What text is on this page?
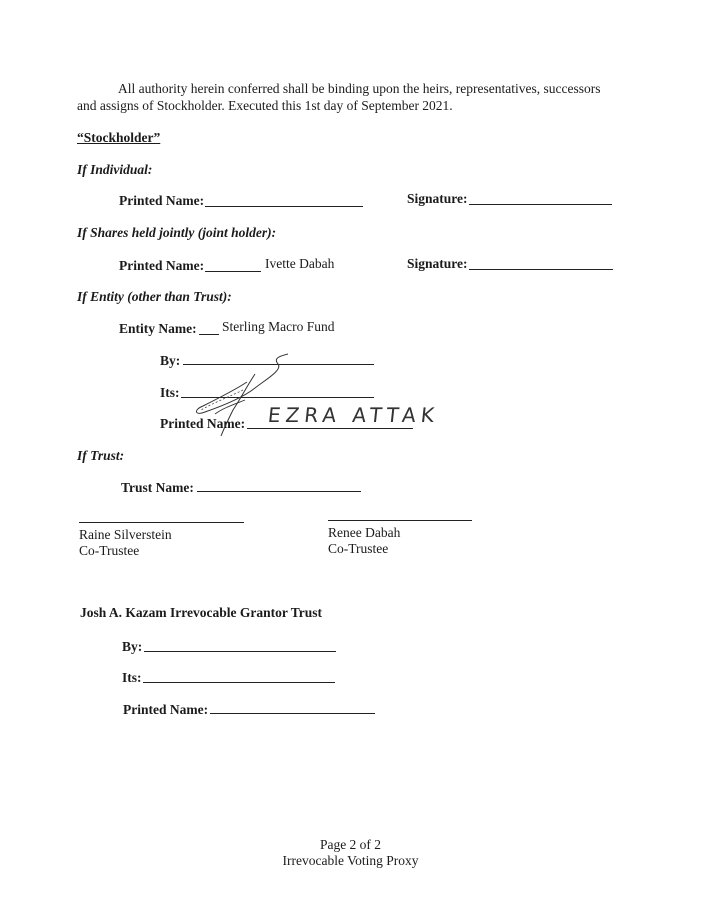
All authority herein conferred shall be binding upon the heirs, representatives, successors
and assigns of Stockholder. Executed this 1st day of September 2021.
“Stockholder”
If Individual:
Printed Name:	Signature:
If Shares held jointly (joint holder):
Printed Name:	Ivette Dabah	Signature:
If Entity (other than Trust):
Entity Name: Sterling Macro Fund
By:
Its:
Printed Name: EZRA ATTAK
If Trust:
Trust Name:
Raine Silverstein
Co-Trustee
Renee Dabah
Co-Trustee
Josh A. Kazam Irrevocable Grantor Trust
By:
Its:
Printed Name:
Page 2 of 2
Irrevocable Voting Proxy
